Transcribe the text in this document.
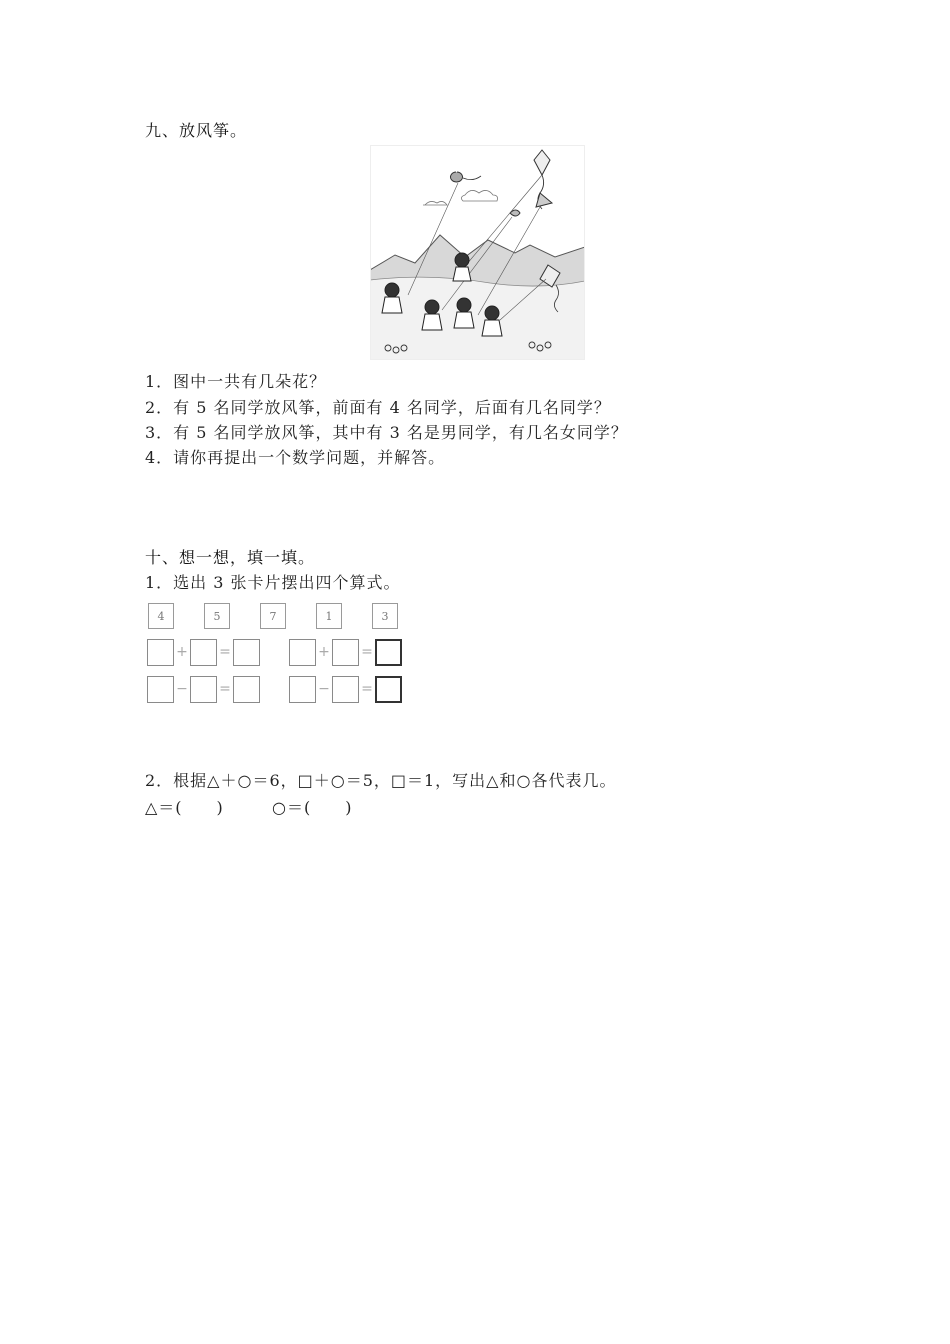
九、放风筝。
1．图中一共有几朵花？
2．有 5 名同学放风筝，前面有 4 名同学，后面有几名同学？
3．有 5 名同学放风筝，其中有 3 名是男同学，有几名女同学？
4．请你再提出一个数学问题，并解答。
十、想一想，填一填。
1．选出 3 张卡片摆出四个算式。
4	5	7	1	3
+ =	+ =
− =	− =
2．根据△＋○＝6，□＋○＝5，□＝1，写出△和○各代表几。
△＝(　　)	○＝(　　)
